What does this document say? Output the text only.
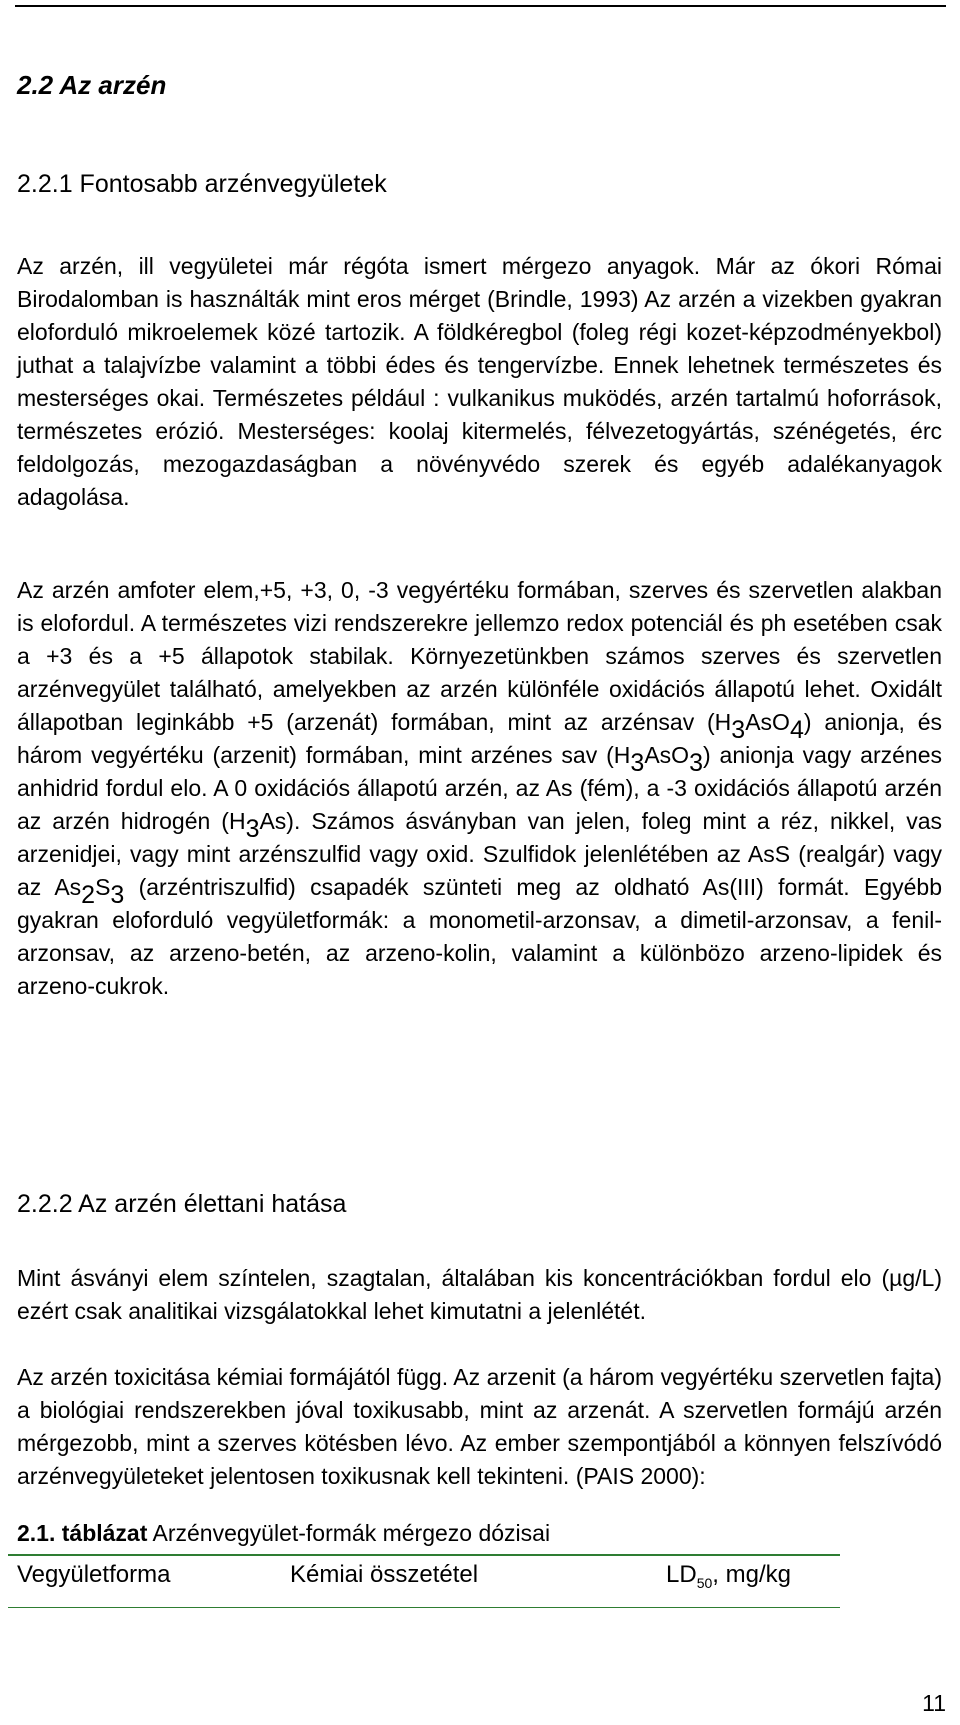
2.2 Az arzén
2.2.1 Fontosabb arzénvegyületek

Az arzén, ill vegyületei már régóta ismert mérgezo anyagok. Már az ókori Római Birodalomban is használták mint eros mérget (Brindle, 1993) Az arzén a vizekben gyakran eloforduló mikroelemek közé tartozik. A földkéregbol (foleg régi kozet-képzodményekbol) juthat a talajvízbe valamint a többi édes és tengervízbe. Ennek lehetnek természetes és mesterséges okai. Természetes például : vulkanikus muködés, arzén tartalmú hoforrások, természetes erózió. Mesterséges: koolaj kitermelés, félvezetogyártás, szénégetés, érc feldolgozás, mezogazdaságban a növényvédo szerek és egyéb adalékanyagok adagolása.

Az arzén amfoter elem,+5, +3, 0, -3 vegyértéku formában, szerves és szervetlen alakban is elofordul. A természetes vizi rendszerekre jellemzo redox potenciál és ph esetében csak a +3 és a +5 állapotok stabilak. Környezetünkben számos szerves és szervetlen arzénvegyület található, amelyekben az arzén különféle oxidációs állapotú lehet. Oxidált állapotban leginkább +5 (arzenát) formában, mint az arzénsav (H3AsO4) anionja, és három vegyértéku (arzenit) formában, mint arzénes sav (H3AsO3) anionja vagy arzénes anhidrid fordul elo. A 0 oxidációs állapotú arzén, az As (fém), a -3 oxidációs állapotú arzén az arzén hidrogén (H3As). Számos ásványban van jelen, foleg mint a réz, nikkel, vas arzenidjei, vagy mint arzénszulfid vagy oxid. Szulfidok jelenlétében az AsS (realgár) vagy az As2S3 (arzéntriszulfid) csapadék szünteti meg az oldható As(III) formát. Egyébb gyakran eloforduló vegyületformák: a monometil-arzonsav, a dimetil-arzonsav, a fenil-arzonsav, az arzeno-betén, az arzeno-kolin, valamint a különbözo arzeno-lipidek és arzeno-cukrok.

2.2.2 Az arzén élettani hatása

Mint ásványi elem színtelen, szagtalan, általában kis koncentrációkban fordul elo (µg/L) ezért csak analitikai vizsgálatokkal lehet kimutatni a jelenlétét.

Az arzén toxicitása kémiai formájától függ. Az arzenit (a három vegyértéku szervetlen fajta) a biológiai rendszerekben jóval toxikusabb, mint az arzenát. A szervetlen formájú arzén mérgezobb, mint a szerves kötésben lévo. Az ember szempontjából a könnyen felszívódó arzénvegyületeket jelentosen toxikusnak kell tekinteni. (PAIS 2000):

2.1. táblázat Arzénvegyület-formák mérgezo dózisai

Vegyületforma	Kémiai összetétel	$LD_{50}$, mg/kg

11
